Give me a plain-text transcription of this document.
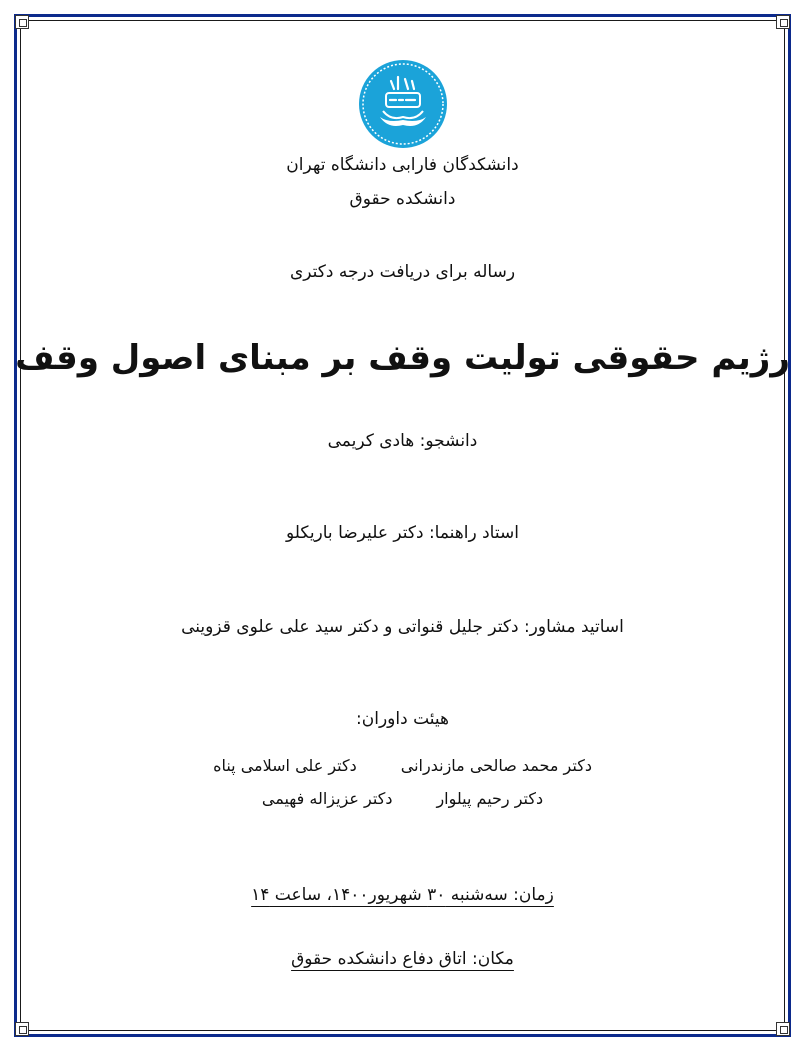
دانشکدگان فارابی دانشگاه تهران
دانشکده حقوق
رساله برای دریافت درجه دکتری
رژیم حقوقی تولیت وقف بر مبنای اصول وقف
دانشجو: هادی کریمی
استاد راهنما: دکتر علیرضا باریکلو
اساتید مشاور: دکتر جلیل قنواتی و دکتر سید علی علوی قزوینی
هیئت داوران:
دکتر محمد صالحی مازندرانی
دکتر علی اسلامی پناه
دکتر رحیم پیلوار
دکتر عزیزاله فهیمی
زمان: سه‌شنبه ۳۰ شهریور۱۴۰۰، ساعت ۱۴
مکان: اتاق دفاع دانشکده حقوق
